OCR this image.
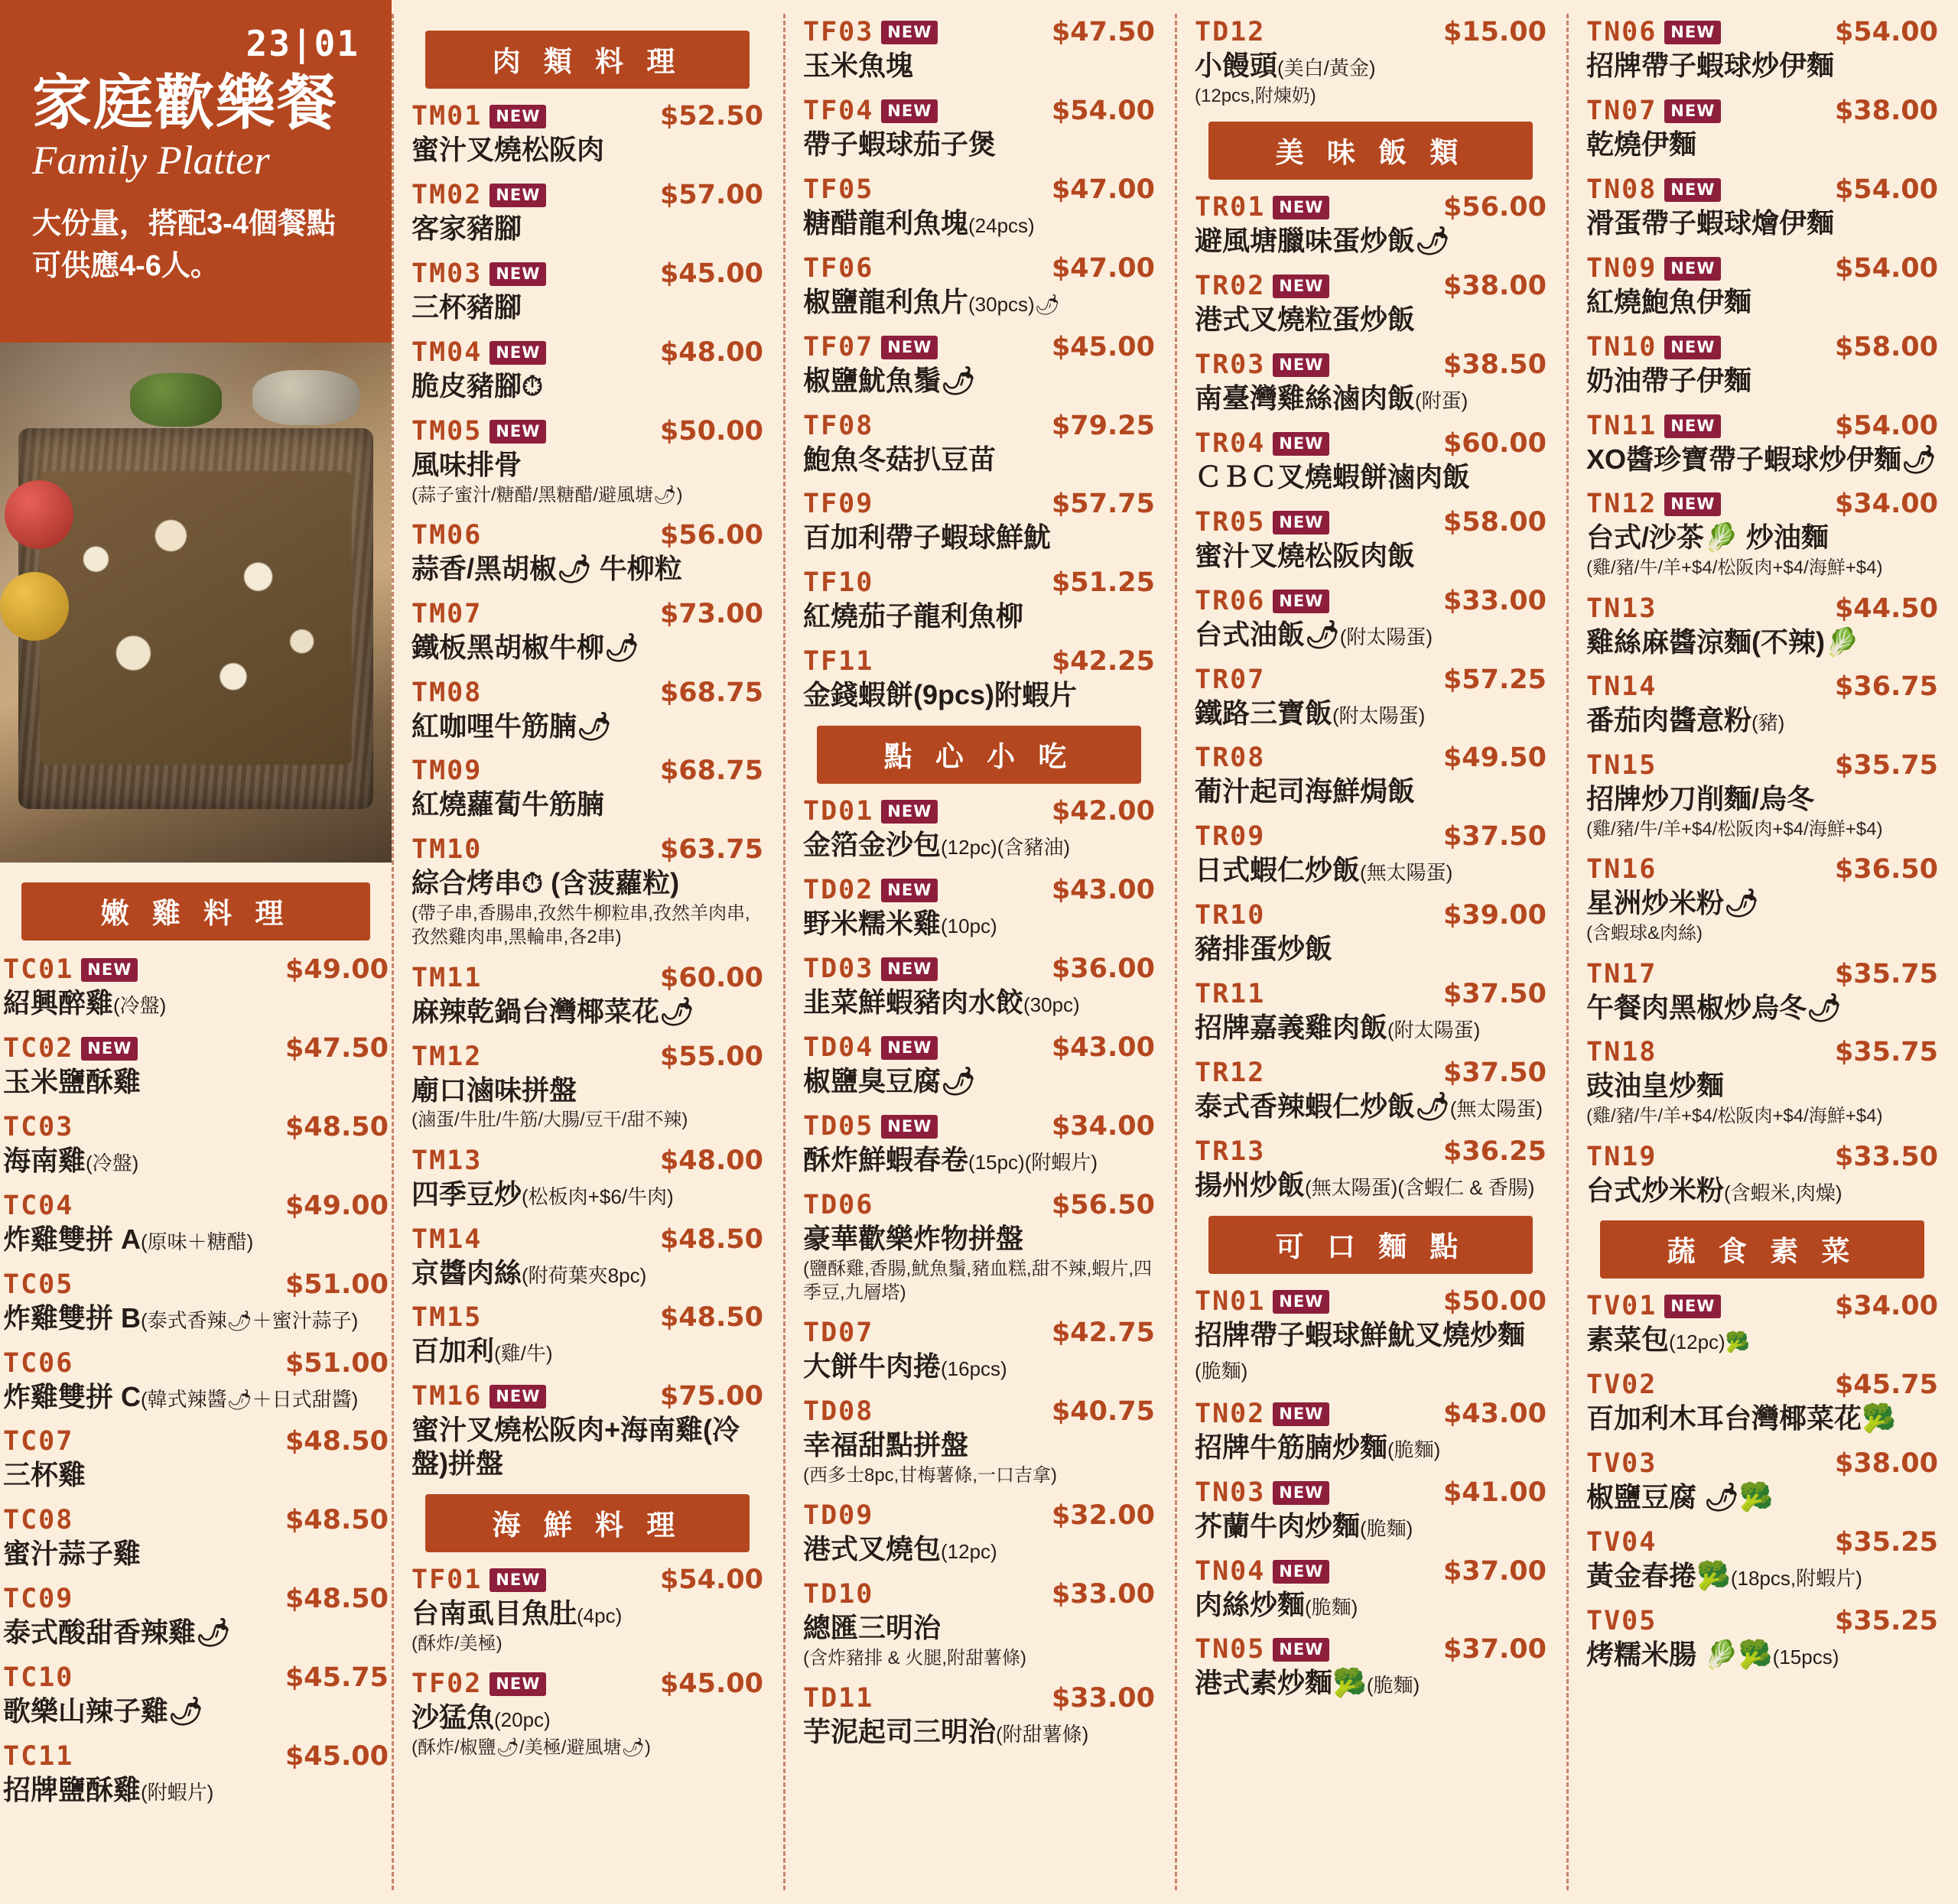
23|01
家庭歡樂餐
Family Platter

大份量，搭配3-4個餐點可供應4-6人。

嫩 雞 料 理
TC01 NEW	$49.00
紹興醉雞(冷盤)
TC02 NEW	$47.50
玉米鹽酥雞
TC03	$48.50
海南雞(冷盤)
TC04	$49.00
炸雞雙拼 A(原味＋糖醋)
TC05	$51.00
炸雞雙拼 B(泰式香辣🌶＋蜜汁蒜子)
TC06	$51.00
炸雞雙拼 C(韓式辣醬🌶＋日式甜醬)
TC07	$48.50
三杯雞
TC08	$48.50
蜜汁蒜子雞
TC09	$48.50
泰式酸甜香辣雞🌶
TC10	$45.75
歌樂山辣子雞🌶
TC11	$45.00
招牌鹽酥雞(附蝦片)
肉 類 料 理
TM01 NEW	$52.50
蜜汁叉燒松阪肉
TM02 NEW	$57.00
客家豬腳
TM03 NEW	$45.00
三杯豬腳
TM04 NEW	$48.00
脆皮豬腳⏱
TM05 NEW	$50.00
風味排骨
(蒜子蜜汁/糖醋/黑糖醋/避風塘🌶)
TM06	$56.00
蒜香/黑胡椒🌶 牛柳粒
TM07	$73.00
鐵板黑胡椒牛柳🌶
TM08	$68.75
紅咖哩牛筋腩🌶
TM09	$68.75
紅燒蘿蔔牛筋腩
TM10	$63.75
綜合烤串⏱ (含菠蘿粒)
(帶子串,香腸串,孜然牛柳粒串,孜然羊肉串,孜然雞肉串,黑輪串,各2串)
TM11	$60.00
麻辣乾鍋台灣椰菜花🌶
TM12	$55.00
廟口滷味拼盤
(滷蛋/牛肚/牛筋/大腸/豆干/甜不辣)
TM13	$48.00
四季豆炒(松板肉+$6/牛肉)
TM14	$48.50
京醬肉絲(附荷葉夾8pc)
TM15	$48.50
百加利(雞/牛)
TM16 NEW	$75.00
蜜汁叉燒松阪肉+海南雞(冷盤)拼盤
海 鮮 料 理
TF01 NEW	$54.00
台南虱目魚肚(4pc)
(酥炸/美極)
TF02 NEW	$45.00
沙猛魚(20pc)
(酥炸/椒鹽🌶/美極/避風塘🌶)
TF03 NEW	$47.50
玉米魚塊
TF04 NEW	$54.00
帶子蝦球茄子煲
TF05	$47.00
糖醋龍利魚塊(24pcs)
TF06	$47.00
椒鹽龍利魚片(30pcs)🌶
TF07 NEW	$45.00
椒鹽魷魚鬚🌶
TF08	$79.25
鮑魚冬菇扒豆苗
TF09	$57.75
百加利帶子蝦球鮮魷
TF10	$51.25
紅燒茄子龍利魚柳
TF11	$42.25
金錢蝦餅(9pcs)附蝦片
點 心 小 吃
TD01 NEW	$42.00
金箔金沙包(12pc)(含豬油)
TD02 NEW	$43.00
野米糯米雞(10pc)
TD03 NEW	$36.00
韭菜鮮蝦豬肉水餃(30pc)
TD04 NEW	$43.00
椒鹽臭豆腐🌶
TD05 NEW	$34.00
酥炸鮮蝦春卷(15pc)(附蝦片)
TD06	$56.50
豪華歡樂炸物拼盤
(鹽酥雞,香腸,魷魚鬚,豬血糕,甜不辣,蝦片,四季豆,九層塔)
TD07	$42.75
大餅牛肉捲(16pcs)
TD08	$40.75
幸福甜點拼盤
(西多士8pc,甘梅薯條,一口吉拿)
TD09	$32.00
港式叉燒包(12pc)
TD10	$33.00
總匯三明治
(含炸豬排 & 火腿,附甜薯條)
TD11	$33.00
芋泥起司三明治(附甜薯條)
TD12	$15.00
小饅頭(美白/黃金)
(12pcs,附煉奶)
美 味 飯 類
TR01 NEW	$56.00
避風塘臘味蛋炒飯🌶
TR02 NEW	$38.00
港式叉燒粒蛋炒飯
TR03 NEW	$38.50
南臺灣雞絲滷肉飯(附蛋)
TR04 NEW	$60.00
ＣＢＣ叉燒蝦餅滷肉飯
TR05 NEW	$58.00
蜜汁叉燒松阪肉飯
TR06 NEW	$33.00
台式油飯🌶(附太陽蛋)
TR07	$57.25
鐵路三寶飯(附太陽蛋)
TR08	$49.50
葡汁起司海鮮焗飯
TR09	$37.50
日式蝦仁炒飯(無太陽蛋)
TR10	$39.00
豬排蛋炒飯
TR11	$37.50
招牌嘉義雞肉飯(附太陽蛋)
TR12	$37.50
泰式香辣蝦仁炒飯🌶(無太陽蛋)
TR13	$36.25
揚州炒飯(無太陽蛋)(含蝦仁 & 香腸)
可 口 麵 點
TN01 NEW	$50.00
招牌帶子蝦球鮮魷叉燒炒麵(脆麵)
TN02 NEW	$43.00
招牌牛筋腩炒麵(脆麵)
TN03 NEW	$41.00
芥蘭牛肉炒麵(脆麵)
TN04 NEW	$37.00
肉絲炒麵(脆麵)
TN05 NEW	$37.00
港式素炒麵🥦(脆麵)
TN06 NEW	$54.00
招牌帶子蝦球炒伊麵
TN07 NEW	$38.00
乾燒伊麵
TN08 NEW	$54.00
滑蛋帶子蝦球燴伊麵
TN09 NEW	$54.00
紅燒鮑魚伊麵
TN10 NEW	$58.00
奶油帶子伊麵
TN11 NEW	$54.00
XO醬珍寶帶子蝦球炒伊麵🌶
TN12 NEW	$34.00
台式/沙茶🥬 炒油麵
(雞/豬/牛/羊+$4/松阪肉+$4/海鮮+$4)
TN13	$44.50
雞絲麻醬涼麵(不辣)🥬
TN14	$36.75
番茄肉醬意粉(豬)
TN15	$35.75
招牌炒刀削麵/烏冬
(雞/豬/牛/羊+$4/松阪肉+$4/海鮮+$4)
TN16	$36.50
星洲炒米粉🌶
(含蝦球&肉絲)
TN17	$35.75
午餐肉黑椒炒烏冬🌶
TN18	$35.75
豉油皇炒麵
(雞/豬/牛/羊+$4/松阪肉+$4/海鮮+$4)
TN19	$33.50
台式炒米粉(含蝦米,肉燥)
蔬 食 素 菜
TV01 NEW	$34.00
素菜包(12pc)🥦
TV02	$45.75
百加利木耳台灣椰菜花🥦
TV03	$38.00
椒鹽豆腐 🌶🥦
TV04	$35.25
黃金春捲🥦(18pcs,附蝦片)
TV05	$35.25
烤糯米腸 🥬🥦(15pcs)
